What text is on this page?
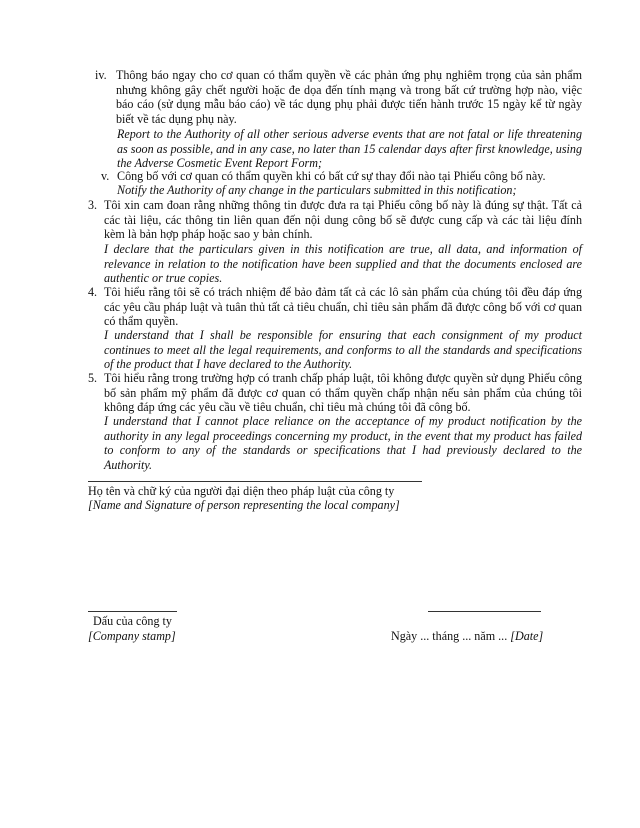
iv. Thông báo ngay cho cơ quan có thẩm quyền về các phản ứng phụ nghiêm trọng của sản phẩm nhưng không gây chết người hoặc đe dọa đến tính mạng và trong bất cứ trường hợp nào, việc báo cáo (sử dụng mẫu báo cáo) về tác dụng phụ phải được tiến hành trước 15 ngày kể từ ngày biết về tác dụng phụ này.

Report to the Authority of all other serious adverse events that are not fatal or life threatening as soon as possible, and in any case, no later than 15 calendar days after first knowledge, using the Adverse Cosmetic Event Report Form;

v. Công bố với cơ quan có thẩm quyền khi có bất cứ sự thay đổi nào tại Phiếu công bố này.

Notify the Authority of any change in the particulars submitted in this notification;

3. Tôi xin cam đoan rằng những thông tin được đưa ra tại Phiếu công bố này là đúng sự thật. Tất cả các tài liệu, các thông tin liên quan đến nội dung công bố sẽ được cung cấp và các tài liệu đính kèm là bản hợp pháp hoặc sao y bản chính.

I declare that the particulars given in this notification are true, all data, and information of relevance in relation to the notification have been supplied and that the documents enclosed are authentic or true copies.

4. Tôi hiểu rằng tôi sẽ có trách nhiệm để bảo đảm tất cả các lô sản phẩm của chúng tôi đều đáp ứng các yêu cầu pháp luật và tuân thủ tất cả tiêu chuẩn, chỉ tiêu sản phẩm đã được công bố với cơ quan có thẩm quyền.

I understand that I shall be responsible for ensuring that each consignment of my product continues to meet all the legal requirements, and conforms to all the standards and specifications of the product that I have declared to the Authority.

5. Tôi hiểu rằng trong trường hợp có tranh chấp pháp luật, tôi không được quyền sử dụng Phiếu công bố sản phẩm mỹ phẩm đã được cơ quan có thẩm quyền chấp nhận nếu sản phẩm của chúng tôi không đáp ứng các yêu cầu về tiêu chuẩn, chỉ tiêu mà chúng tôi đã công bố.

I understand that I cannot place reliance on the acceptance of my product notification by the authority in any legal proceedings concerning my product, in the event that my product has failed to conform to any of the standards or specifications that I had previously declared to the Authority.

Họ tên và chữ ký của người đại diện theo pháp luật của công ty

[Name and Signature of person representing the local company]

Dấu của công ty

[Company stamp]	Ngày ... tháng ... năm ... [Date]
